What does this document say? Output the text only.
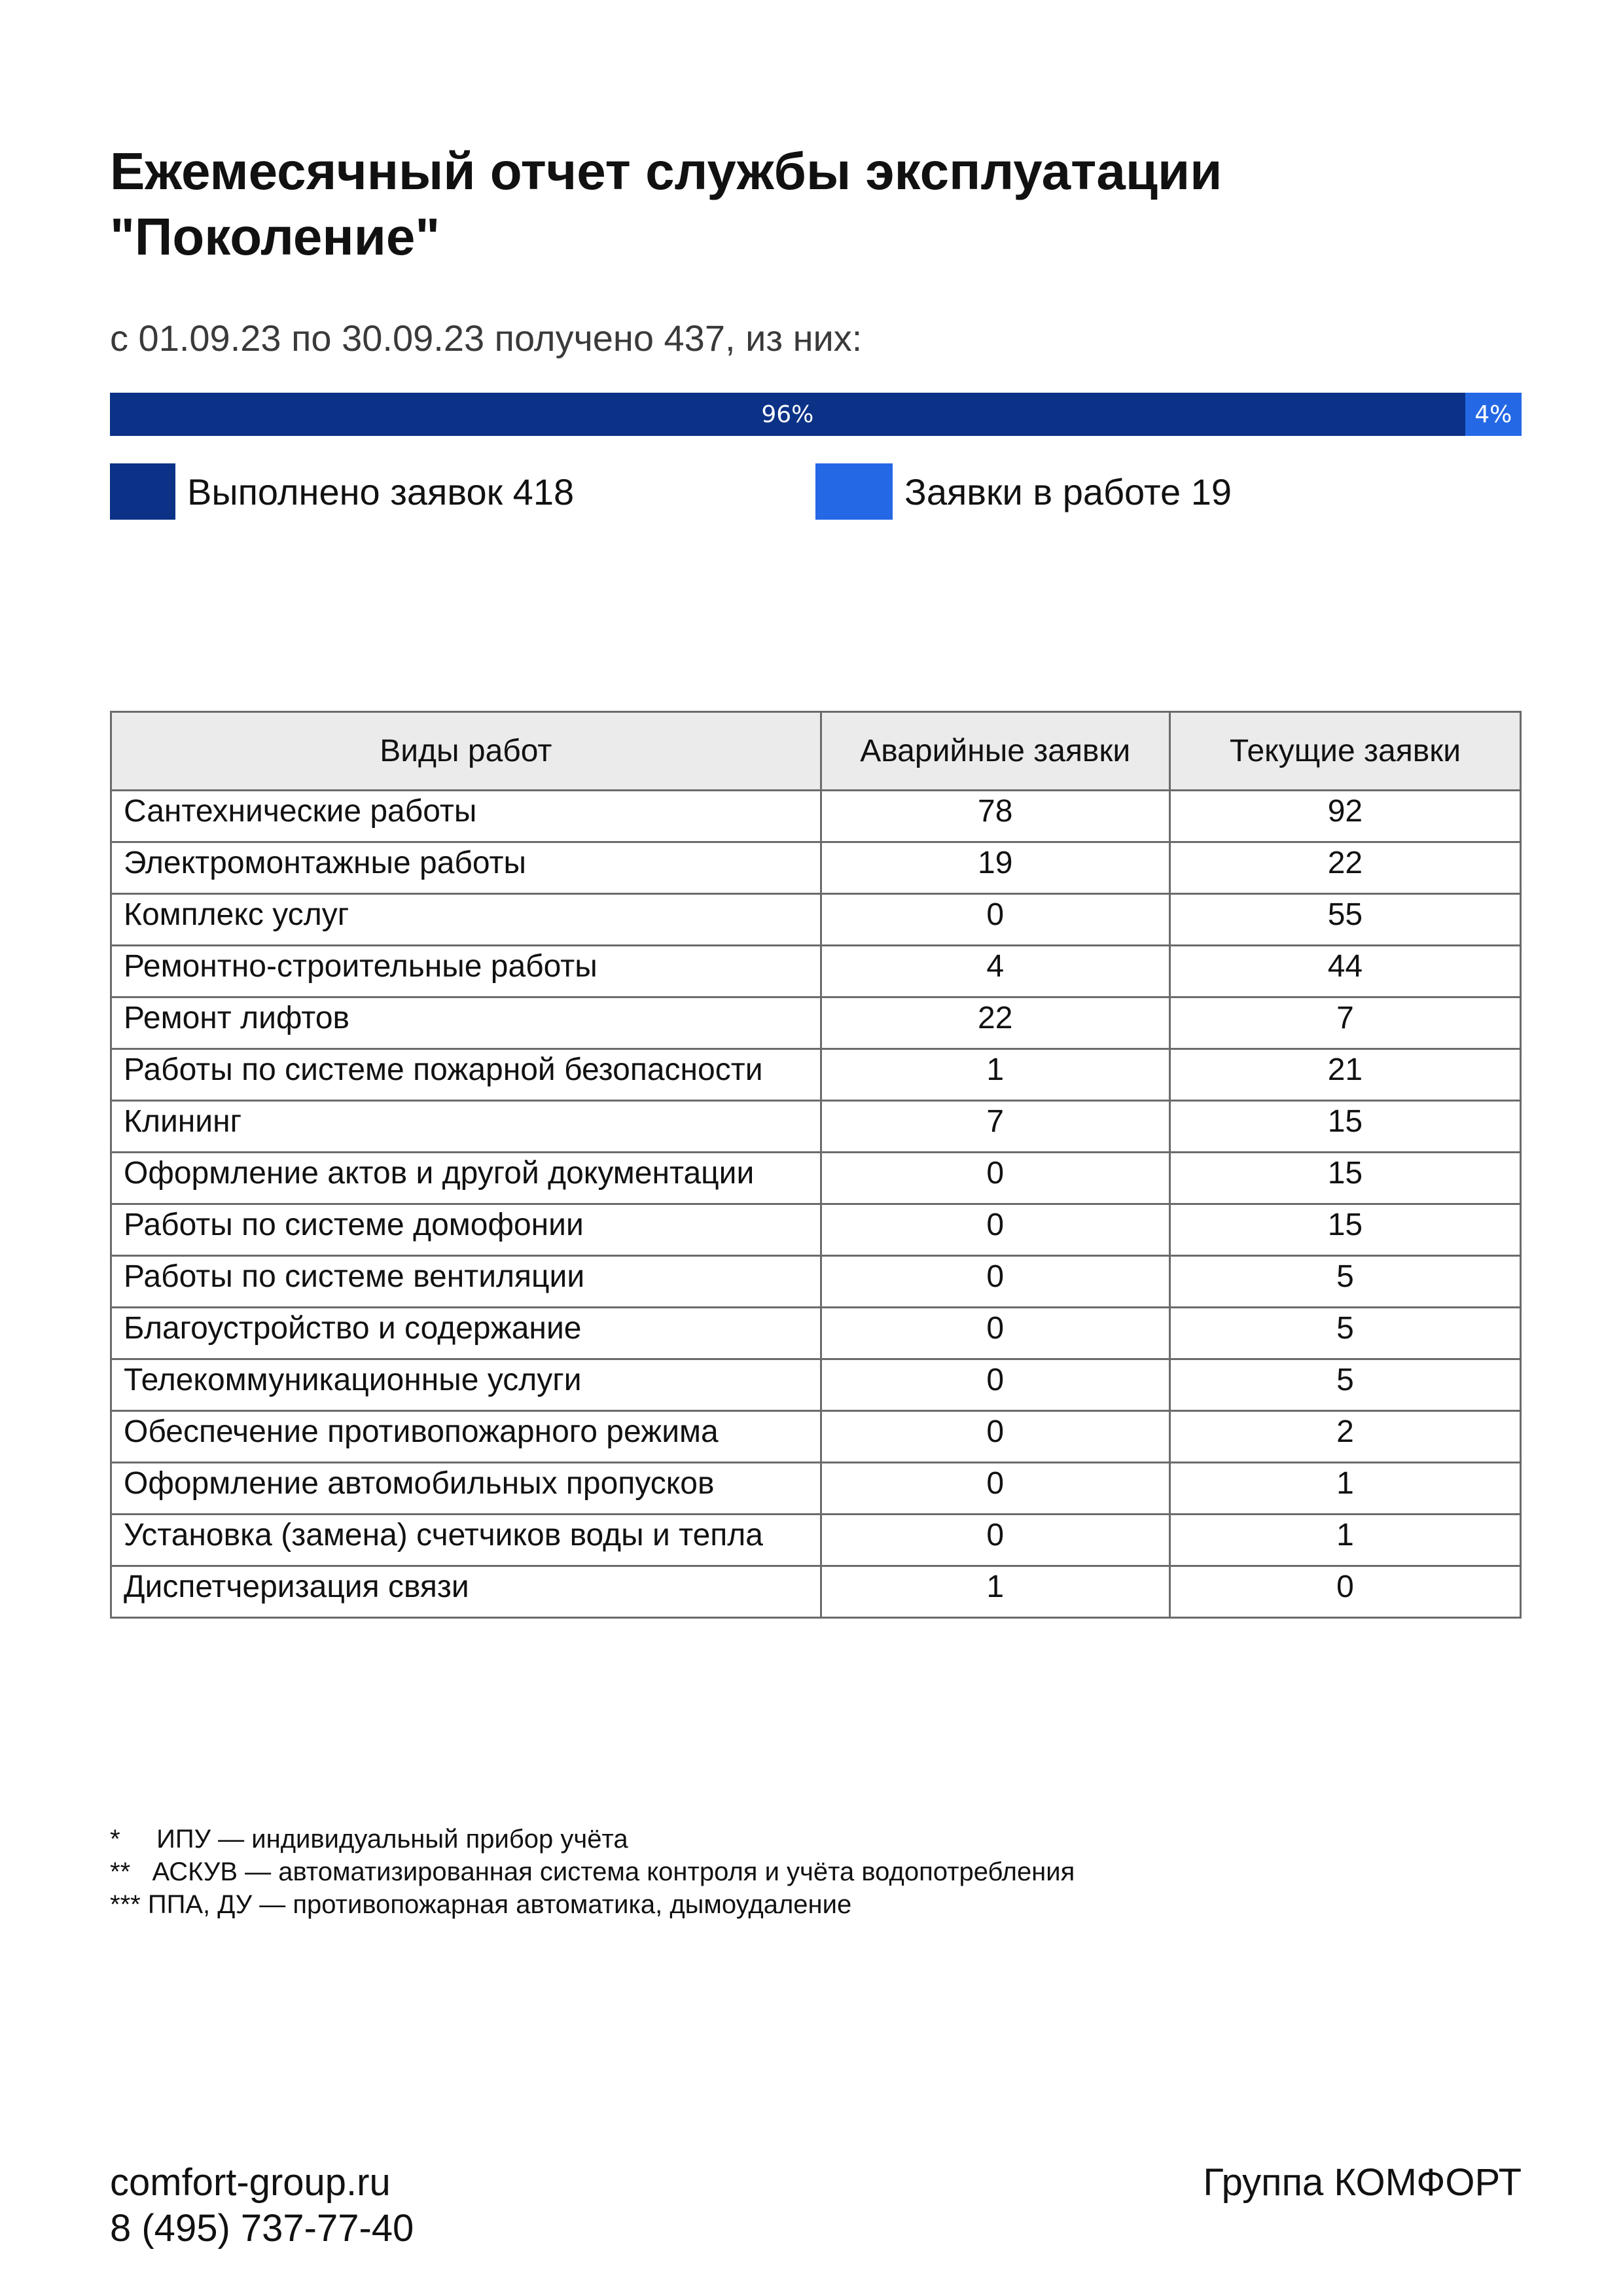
Ежемесячный отчет службы эксплуатации
"Поколение"
с 01.09.23 по 30.09.23 получено 437, из них:
96%	4%
Выполнено заявок 418	Заявки в работе 19
Виды работ	Аварийные заявки	Текущие заявки
Сантехнические работы	78	92
Электромонтажные работы	19	22
Комплекс услуг	0	55
Ремонтно-строительные работы	4	44
Ремонт лифтов	22	7
Работы по системе пожарной безопасности	1	21
Клининг	7	15
Оформление актов и другой документации	0	15
Работы по системе домофонии	0	15
Работы по системе вентиляции	0	5
Благоустройство и содержание	0	5
Телекоммуникационные услуги	0	5
Обеспечение противопожарного режима	0	2
Оформление автомобильных пропусков	0	1
Установка (замена) счетчиков воды и тепла	0	1
Диспетчеризация связи	1	0
*     ИПУ — индивидуальный прибор учёта
**   АСКУВ — автоматизированная система контроля и учёта водопотребления
*** ППА, ДУ — противопожарная автоматика, дымоудаление
comfort-group.ru
8 (495) 737-77-40
Группа КОМФОРТ
